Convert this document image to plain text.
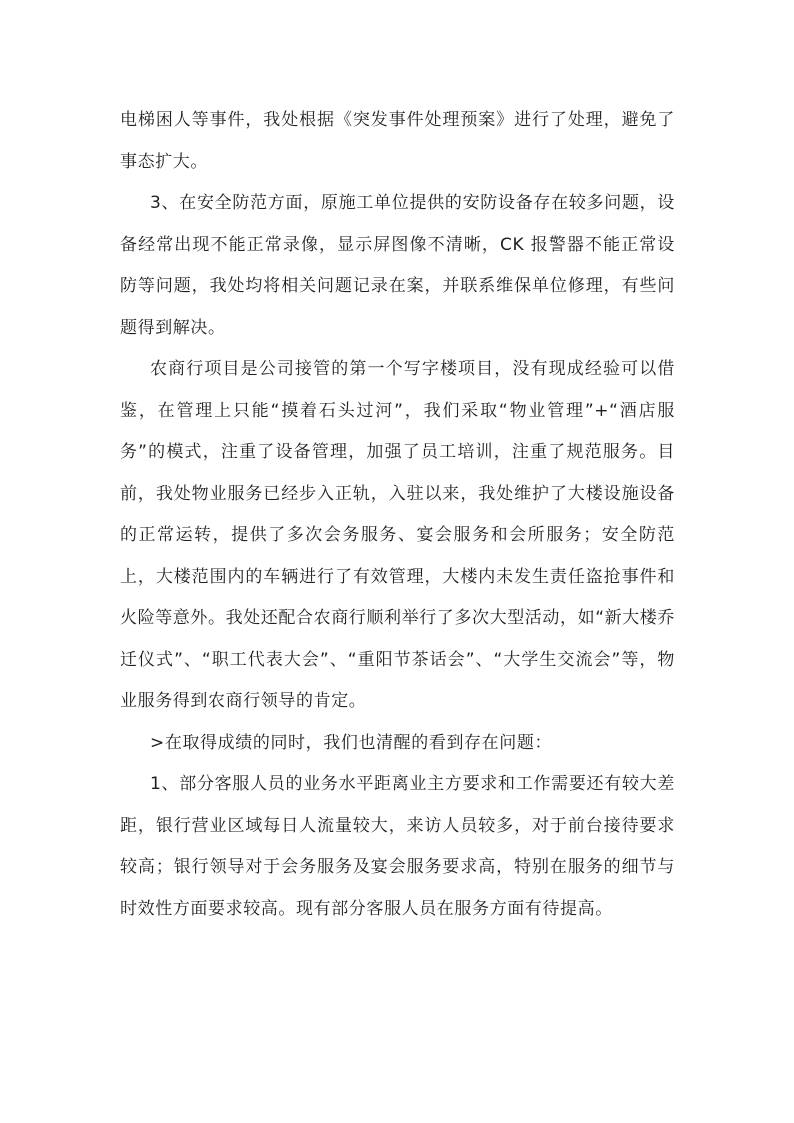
电梯困人等事件，我处根据《突发事件处理预案》进行了处理，避免了事态扩大。

3、在安全防范方面，原施工单位提供的安防设备存在较多问题，设备经常出现不能正常录像，显示屏图像不清晰，CK 报警器不能正常设防等问题，我处均将相关问题记录在案，并联系维保单位修理，有些问题得到解决。

农商行项目是公司接管的第一个写字楼项目，没有现成经验可以借鉴，在管理上只能“摸着石头过河”，我们采取“物业管理”+“酒店服务”的模式，注重了设备管理，加强了员工培训，注重了规范服务。目前，我处物业服务已经步入正轨，入驻以来，我处维护了大楼设施设备的正常运转，提供了多次会务服务、宴会服务和会所服务；安全防范上，大楼范围内的车辆进行了有效管理，大楼内未发生责任盗抢事件和火险等意外。我处还配合农商行顺利举行了多次大型活动，如“新大楼乔迁仪式”、“职工代表大会”、“重阳节茶话会”、“大学生交流会”等，物业服务得到农商行领导的肯定。

>在取得成绩的同时，我们也清醒的看到存在问题：

1、部分客服人员的业务水平距离业主方要求和工作需要还有较大差距，银行营业区域每日人流量较大，来访人员较多，对于前台接待要求较高；银行领导对于会务服务及宴会服务要求高，特别在服务的细节与时效性方面要求较高。现有部分客服人员在服务方面有待提高。
